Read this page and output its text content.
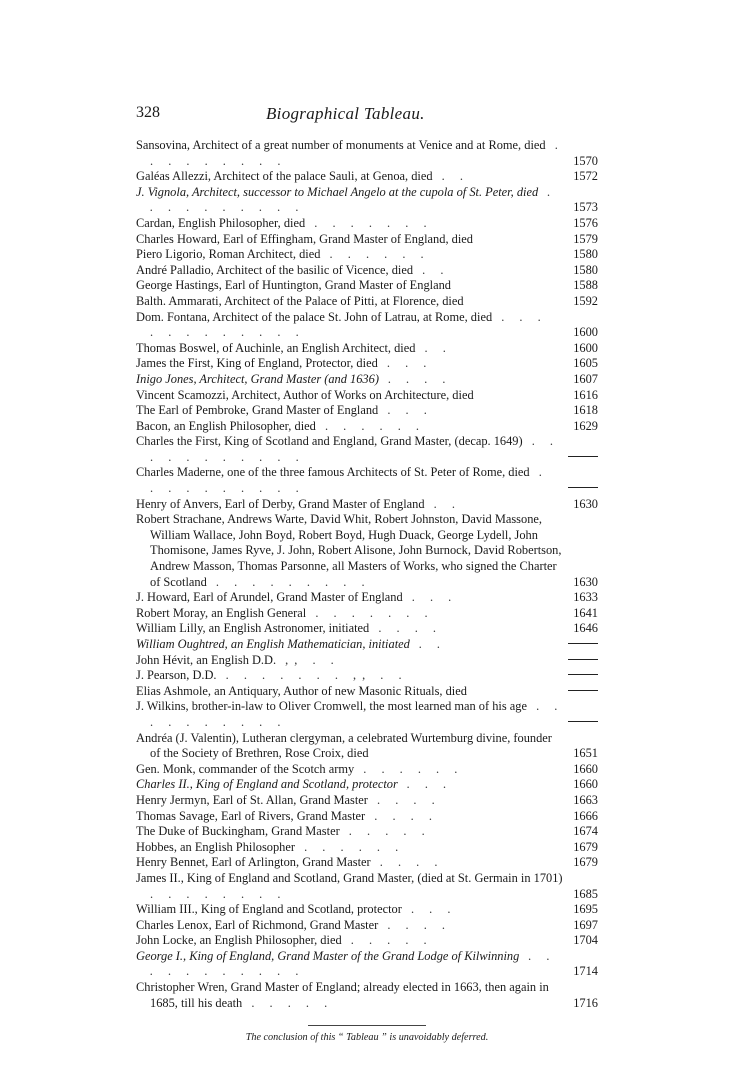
328	Biographical Tableau.
Sansovina, Architect of a great number of monuments at Venice and at Rome, died . . . . . . . . .	1570
Galéas Allezzi, Architect of the palace Sauli, at Genoa, died . .	1572
J. Vignola, Architect, successor to Michael Angelo at the cupola of St. Peter, died . . . . . . . . . .	1573
Cardan, English Philosopher, died . . . . . . .	1576
Charles Howard, Earl of Effingham, Grand Master of England, died	1579
Piero Ligorio, Roman Architect, died . . . . . .	1580
André Palladio, Architect of the basilic of Vicence, died . .	1580
George Hastings, Earl of Huntington, Grand Master of England	1588
Balth. Ammarati, Architect of the Palace of Pitti, at Florence, died	1592
Dom. Fontana, Architect of the palace St. John of Latrau, at Rome, died . . . . . . . . . . . .	1600
Thomas Boswel, of Auchinle, an English Architect, died . .	1600
James the First, King of England, Protector, died . . .	1605
Inigo Jones, Architect, Grand Master (and 1636) . . . .	1607
Vincent Scamozzi, Architect, Author of Works on Architecture, died	1616
The Earl of Pembroke, Grand Master of England . . .	1618
Bacon, an English Philosopher, died . . . . . .	1629
Charles the First, King of Scotland and England, Grand Master, (decap. 1649) . . . . . . . . . . .
Charles Maderne, one of the three famous Architects of St. Peter of Rome, died . . . . . . . . . .
Henry of Anvers, Earl of Derby, Grand Master of England . .	1630
Robert Strachane, Andrews Warte, David Whit, Robert Johnston, David Massone, William Wallace, John Boyd, Robert Boyd, Hugh Duack, George Lydell, John Thomisone, James Ryve, J. John, Robert Alisone, John Burnock, David Robertson, Andrew Masson, Thomas Parsonne, all Masters of Works, who signed the Charter of Scotland . . . . . . . . .	1630
J. Howard, Earl of Arundel, Grand Master of England . . .	1633
Robert Moray, an English General . . . . . . .	1641
William Lilly, an English Astronomer, initiated . . . .	1646
William Oughtred, an English Mathematician, initiated . .
John Hévit, an English D.D. ,, . .
J. Pearson, D.D. . . . . . . . ,, . .
Elias Ashmole, an Antiquary, Author of new Masonic Rituals, died
J. Wilkins, brother-in-law to Oliver Cromwell, the most learned man of his age . . . . . . . . . .
Andréa (J. Valentin), Lutheran clergyman, a celebrated Wurtemburg divine, founder of the Society of Brethren, Rose Croix, died	1651
Gen. Monk, commander of the Scotch army . . . . . .	1660
Charles II., King of England and Scotland, protector . . .	1660
Henry Jermyn, Earl of St. Allan, Grand Master . . . .	1663
Thomas Savage, Earl of Rivers, Grand Master . . . .	1666
The Duke of Buckingham, Grand Master . . . . .	1674
Hobbes, an English Philosopher . . . . . .	1679
Henry Bennet, Earl of Arlington, Grand Master . . . .	1679
James II., King of England and Scotland, Grand Master, (died at St. Germain in 1701) . . . . . . . .	1685
William III., King of England and Scotland, protector . . .	1695
Charles Lenox, Earl of Richmond, Grand Master . . . .	1697
John Locke, an English Philosopher, died . . . . .	1704
George I., King of England, Grand Master of the Grand Lodge of Kilwinning . . . . . . . . . . .	1714
Christopher Wren, Grand Master of England; already elected in 1663, then again in 1685, till his death . . . . .	1716
The conclusion of this “ Tableau ” is unavoidably deferred.
